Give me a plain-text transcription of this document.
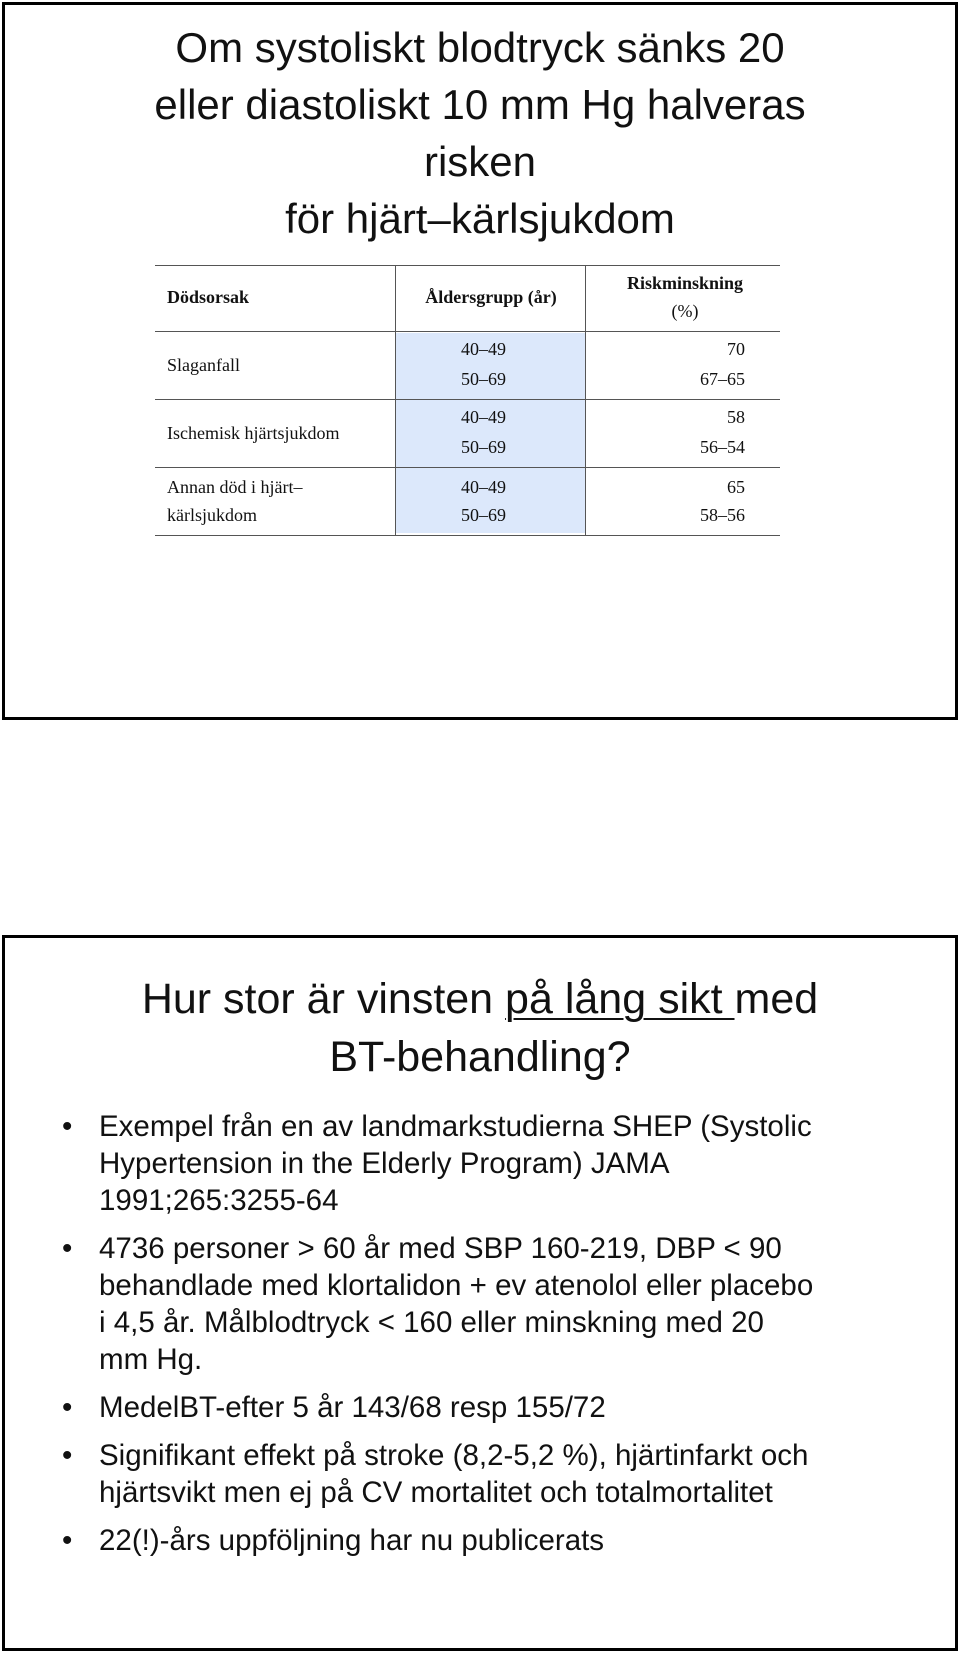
Om systoliskt blodtryck sänks 20
eller diastoliskt 10 mm Hg halveras
risken
för hjärt–kärlsjukdom
Dödsorsak	Åldersgrupp (år)
Riskminskning
(%)
Slaganfall
40–49
50–69
70
67–65
Ischemisk hjärtsjukdom
40–49
50–69
58
56–54
Annan död i hjärt–
kärlsjukdom
40–49
50–69
65
58–56
Hur stor är vinsten på lång sikt med
BT-behandling?
• Exempel från en av landmarkstudierna SHEP (Systolic
Hypertension in the Elderly Program) JAMA
1991;265:3255-64
• 4736 personer > 60 år med SBP 160-219, DBP < 90
behandlade med klortalidon + ev atenolol eller placebo
i 4,5 år. Målblodtryck < 160 eller minskning med 20
mm Hg.
• MedelBT-efter 5 år 143/68 resp 155/72
• Signifikant effekt på stroke (8,2-5,2 %), hjärtinfarkt och
hjärtsvikt men ej på CV mortalitet och totalmortalitet
• 22(!)-års uppföljning har nu publicerats
